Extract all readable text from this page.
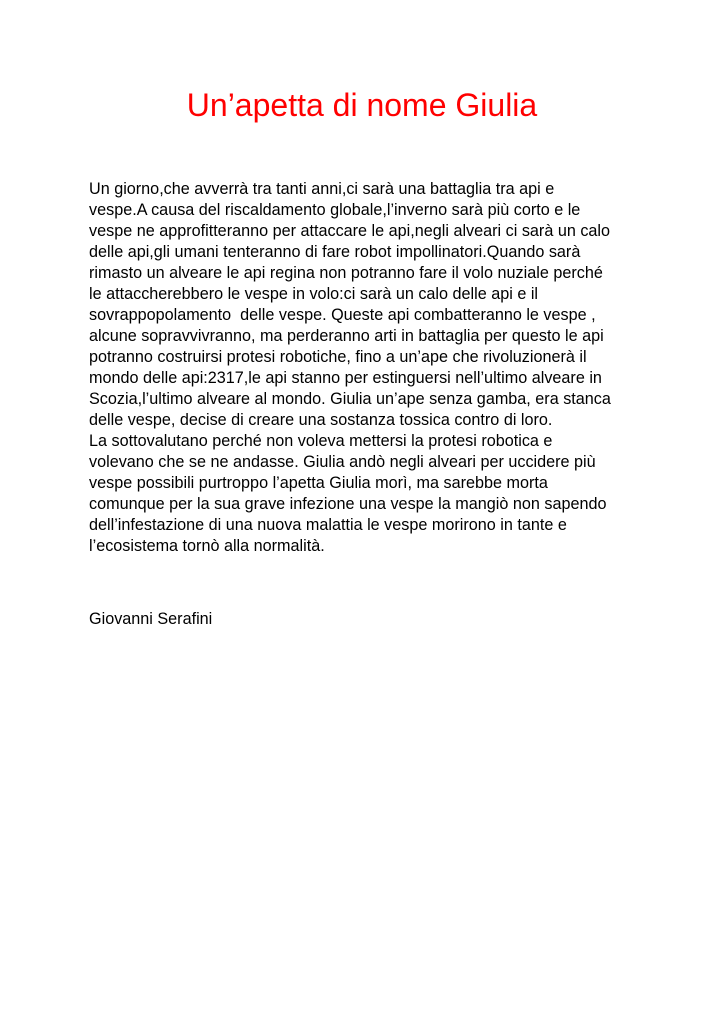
Un’apetta di nome Giulia
Un giorno,che avverrà tra tanti anni,ci sarà una battaglia tra api e
vespe.A causa del riscaldamento globale,l’inverno sarà più corto e le
vespe ne approfitteranno per attaccare le api,negli alveari ci sarà un calo
delle api,gli umani tenteranno di fare robot impollinatori.Quando sarà
rimasto un alveare le api regina non potranno fare il volo nuziale perché
le attaccherebbero le vespe in volo:ci sarà un calo delle api e il
sovrappopolamento  delle vespe. Queste api combatteranno le vespe ,
alcune sopravvivranno, ma perderanno arti in battaglia per questo le api
potranno costruirsi protesi robotiche, fino a un’ape che rivoluzionerà il
mondo delle api:2317,le api stanno per estinguersi nell’ultimo alveare in
Scozia,l’ultimo alveare al mondo. Giulia un’ape senza gamba, era stanca
delle vespe, decise di creare una sostanza tossica contro di loro.
La sottovalutano perché non voleva mettersi la protesi robotica e
volevano che se ne andasse. Giulia andò negli alveari per uccidere più
vespe possibili purtroppo l’apetta Giulia morì, ma sarebbe morta
comunque per la sua grave infezione una vespe la mangiò non sapendo
dell’infestazione di una nuova malattia le vespe morirono in tante e
l’ecosistema tornò alla normalità.
Giovanni Serafini
